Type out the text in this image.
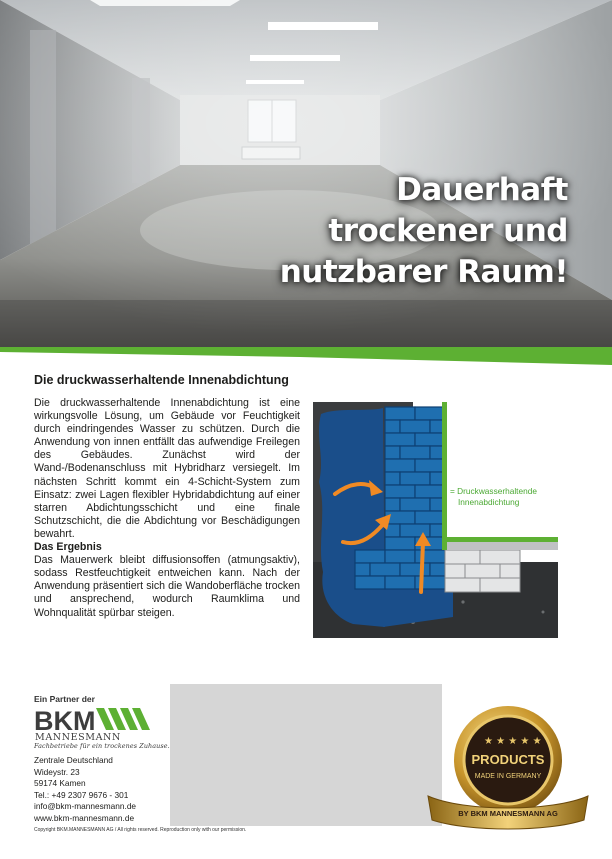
Dauerhaft
trockener und
nutzbarer Raum!
Die druckwasserhaltende Innenabdichtung

Die druckwasserhaltende Innenabdichtung ist eine wirkungsvolle Lösung, um Gebäude vor Feuchtigkeit durch eindringendes Wasser zu schützen. Durch die Anwendung von innen entfällt das aufwendige Freilegen des Gebäudes. Zunächst wird der Wand-/Bodenanschluss mit Hybridharz versiegelt. Im nächsten Schritt kommt ein 4-Schicht-System zum Einsatz: zwei Lagen flexibler Hybridabdichtung auf einer starren Abdichtungsschicht und eine finale Schutzschicht, die die Abdichtung vor Beschädigungen bewahrt.

Das Ergebnis

Das Mauerwerk bleibt diffusionsoffen (atmungsaktiv), sodass Restfeuchtigkeit entweichen kann. Nach der Anwendung präsentiert sich die Wandoberfläche trocken und ansprechend, wodurch Raumklima und Wohnqualität spürbar steigen.

= Druckwasserhaltende
Innenabdichtung
Ein Partner der
BKM
MANNESMANN
Fachbetriebe für ein trockenes Zuhause.
Zentrale Deutschland
Wideystr. 23
59174 Kamen
Tel.: +49 2307 9676 - 301
info@bkm-mannesmann.de
www.bkm-mannesmann.de
Copyright BKM.MANNESMANN AG / All rights reserved. Reproduction only with our permission.
★ ★ ★ ★ ★
PRODUCTS
MADE IN GERMANY
BY BKM MANNESMANN AG
